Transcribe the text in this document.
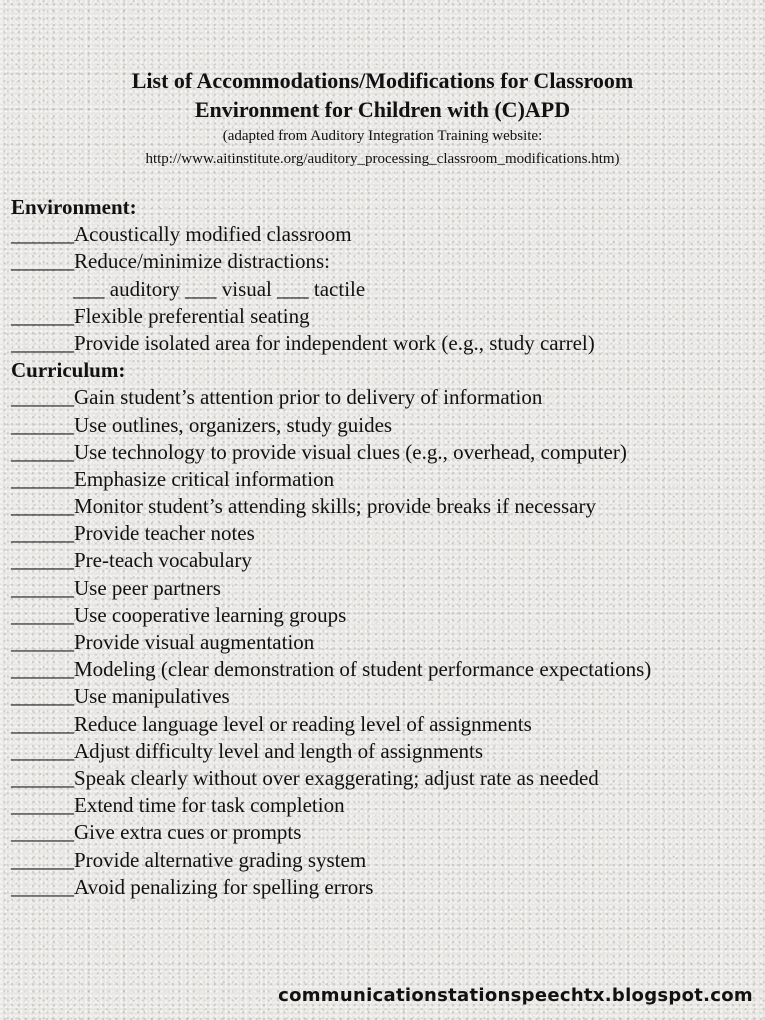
List of Accommodations/Modifications for Classroom
Environment for Children with (C)APD
(adapted from Auditory Integration Training website:
http://www.aitinstitute.org/auditory_processing_classroom_modifications.htm)
Environment:
______Acoustically modified classroom
______Reduce/minimize distractions:
___ auditory ___ visual ___ tactile
______Flexible preferential seating
______Provide isolated area for independent work (e.g., study carrel)
Curriculum:
______Gain student’s attention prior to delivery of information
______Use outlines, organizers, study guides
______Use technology to provide visual clues (e.g., overhead, computer)
______Emphasize critical information
______Monitor student’s attending skills; provide breaks if necessary
______Provide teacher notes
______Pre-teach vocabulary
______Use peer partners
______Use cooperative learning groups
______Provide visual augmentation
______Modeling (clear demonstration of student performance expectations)
______Use manipulatives
______Reduce language level or reading level of assignments
______Adjust difficulty level and length of assignments
______Speak clearly without over exaggerating; adjust rate as needed
______Extend time for task completion
______Give extra cues or prompts
______Provide alternative grading system
______Avoid penalizing for spelling errors
communicationstationspeechtx.blogspot.com
